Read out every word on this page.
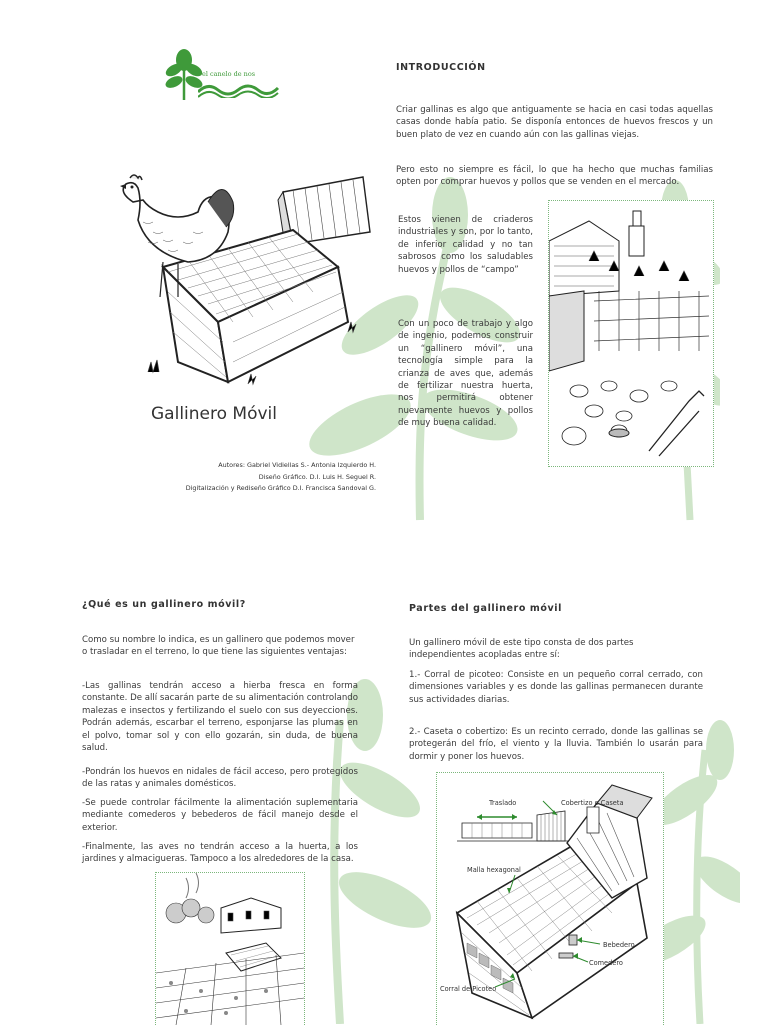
el canelo de nos
Gallinero Móvil
Autores: Gabriel Vidiellas S.- Antonia Izquierdo H.
Diseño Gráfico. D.I. Luis H. Seguel R.
Digitalización y Rediseño Gráfico D.I. Francisca Sandoval G.
INTRODUCCIÓN

Criar gallinas es algo que antiguamente se hacia en casi todas aquellas casas donde había patio. Se disponía entonces de huevos frescos y un buen plato de vez en cuando aún con las gallinas viejas.

Pero esto no siempre es fácil, lo que ha hecho que muchas familias opten por comprar huevos y pollos que se venden en el mercado.

Estos vienen de criaderos industriales y son, por lo tanto, de inferior calidad y no tan sabrosos como los saludables huevos y pollos de “campo”

Con un poco de trabajo y algo de ingenio, podemos construir un “gallinero móvil”, una tecnología simple para la crianza de aves que, además de fertilizar nuestra huerta, nos permitirá obtener nuevamente huevos y pollos de muy buena calidad.

¿Qué es un gallinero móvil?

Como su nombre lo indica, es un gallinero que podemos mover o trasladar en el terreno, lo que tiene las siguientes ventajas:

-Las gallinas tendrán acceso a hierba fresca en forma constante. De allí sacarán parte de su alimentación controlando malezas e insectos y fertilizando el suelo con sus deyecciones. Podrán además, escarbar el terreno, esponjarse las plumas en el polvo, tomar sol y con ello gozarán, sin duda, de buena salud.

-Pondrán los huevos en nidales de fácil acceso, pero protegidos de las ratas y animales domésticos.

-Se puede controlar fácilmente la alimentación suplementaria mediante comederos y bebederos de fácil manejo desde el exterior.

-Finalmente, las aves no tendrán acceso a la huerta, a los jardines y almacigueras. Tampoco a los alrededores de la casa.

Partes del gallinero móvil

Un gallinero móvil de este tipo consta de dos partes independientes acopladas entre sí:

1.- Corral de picoteo: Consiste en un pequeño corral cerrado, con dimensiones variables y es donde las gallinas permanecen durante sus actividades diarias.

2.- Caseta o cobertizo: Es un recinto cerrado, donde las gallinas se protegerán del frío, el viento y la lluvia. También lo usarán para dormir y poner los huevos.

Traslado	Cobertizo o Caseta
Malla hexagonal
Bebedero
Comedero
Corral de Picoteo
